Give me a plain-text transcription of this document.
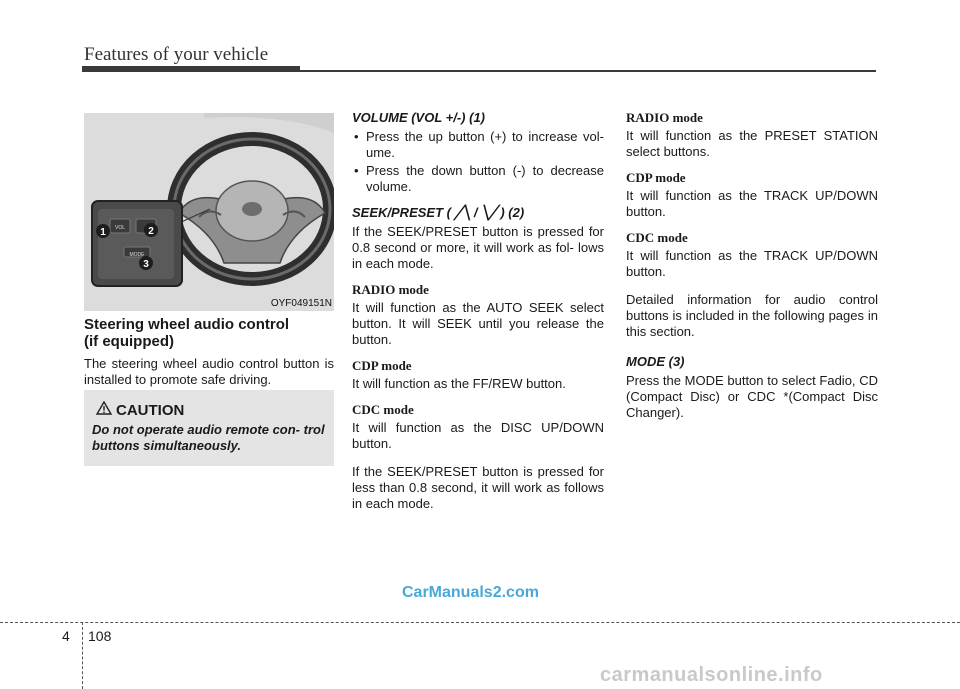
Features of your vehicle
1	2
3
VOL
MODE
OYF049151N
Steering wheel audio control
(if equipped)

The steering wheel audio control button is installed to promote safe driving.

CAUTION
Do not operate audio remote con- trol buttons simultaneously.
VOLUME (VOL +/-) (1)
• Press the up button (+) to increase vol- ume.
• Press the down button (-) to decrease volume.
SEEK/PRESET ( ╱╲ / ╲╱ ) (2)

If the SEEK/PRESET button is pressed for 0.8 second or more, it will work as fol- lows in each mode.

RADIO mode

It will function as the AUTO SEEK select button. It will SEEK until you release the button.

CDP mode

It will function as the FF/REW button.

CDC mode

It will function as the DISC UP/DOWN button.

If the SEEK/PRESET button is pressed for less than 0.8 second, it will work as follows in each mode.

RADIO mode

It will function as the PRESET STATION select buttons.

CDP mode

It will function as the TRACK UP/DOWN button.

CDC mode

It will function as the TRACK UP/DOWN button.

Detailed information for audio control buttons is included in the following pages in this section.

MODE (3)

Press the MODE button to select Fadio, CD (Compact Disc) or CDC *(Compact Disc Changer).

CarManuals2.com
4 108
carmanualsonline.info
